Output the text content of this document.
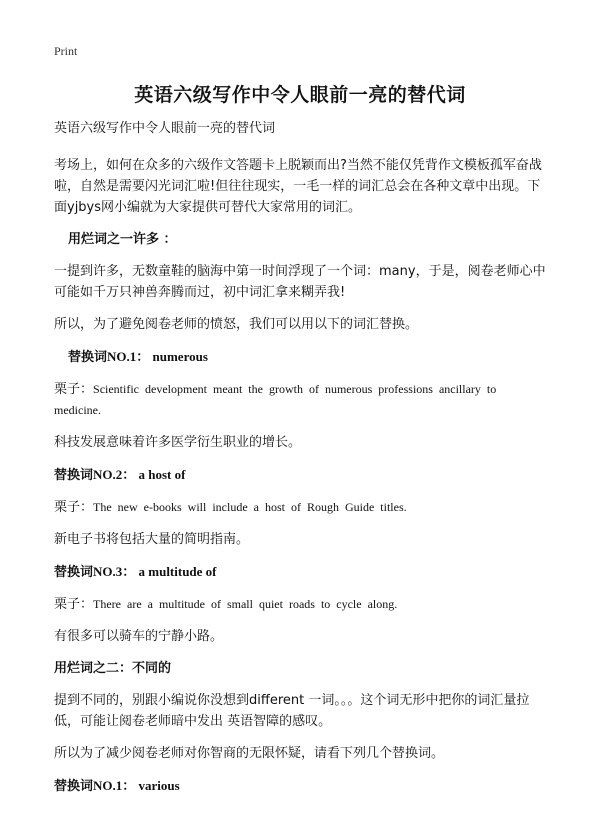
Print
英语六级写作中令人眼前一亮的替代词

英语六级写作中令人眼前一亮的替代词

考场上，如何在众多的六级作文答题卡上脱颖而出?当然不能仅凭背作文模板孤军奋战啦，自然是需要闪光词汇啦!但往往现实，一毛一样的词汇总会在各种文章中出现。下面yjbys网小编就为大家提供可替代大家常用的词汇。

用烂词之一许多 ：

一提到许多，无数童鞋的脑海中第一时间浮现了一个词：many，于是，阅卷老师心中可能如千万只神兽奔腾而过，初中词汇拿来糊弄我!

所以，为了避免阅卷老师的愤怒，我们可以用以下的词汇替换。

替换词NO.1： numerous

栗子：Scientific development meant the growth of numerous professions ancillary to medicine.

科技发展意味着许多医学衍生职业的增长。

替换词NO.2： a host of

栗子：The new e-books will include a host of Rough Guide titles.

新电子书将包括大量的简明指南。

替换词NO.3： a multitude of

栗子：There are a multitude of small quiet roads to cycle along.

有很多可以骑车的宁静小路。

用烂词之二：不同的

提到不同的，别跟小编说你没想到different 一词。。。这个词无形中把你的词汇量拉低，可能让阅卷老师暗中发出 英语智障的感叹。

所以为了减少阅卷老师对你智商的无限怀疑，请看下列几个替换词。

替换词NO.1： various
